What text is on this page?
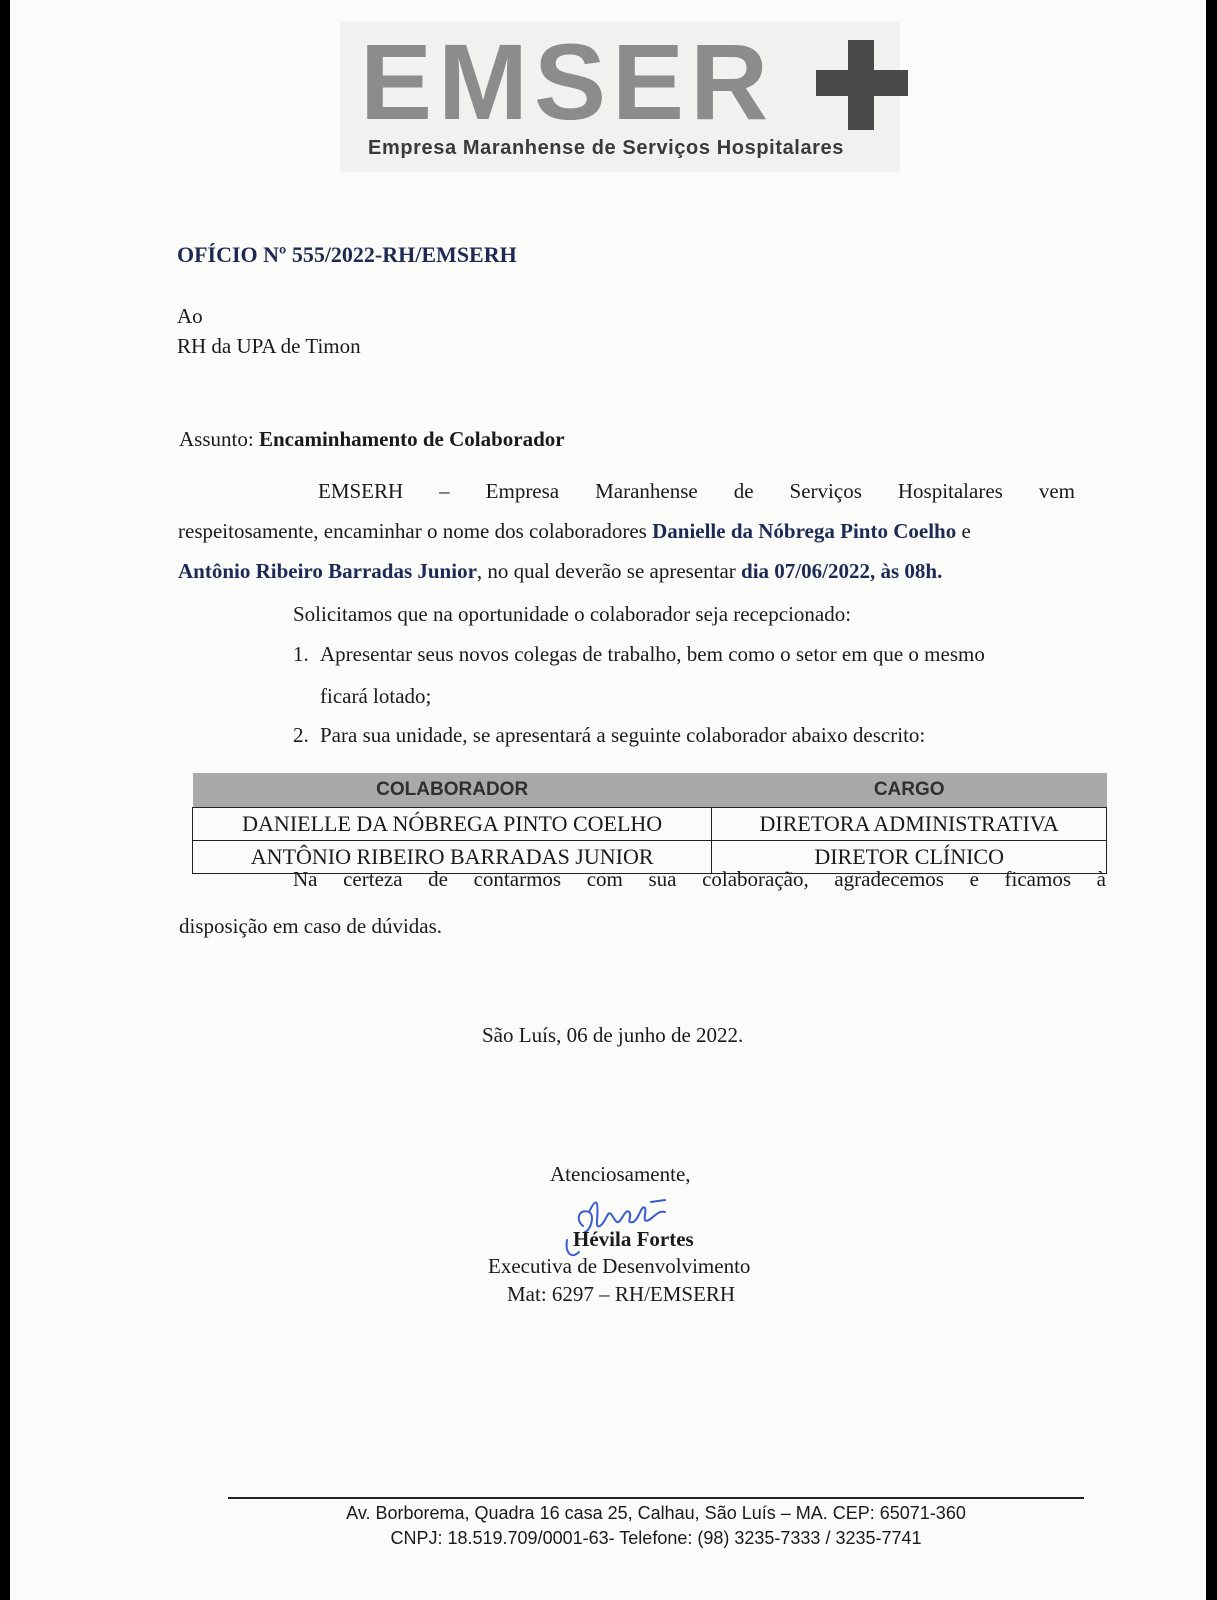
EMSER
Empresa Maranhense de Serviços Hospitalares
OFÍCIO Nº 555/2022-RH/EMSERH
Ao
RH da UPA de Timon
Assunto: Encaminhamento de Colaborador
EMSERH – Empresa Maranhense de Serviços Hospitalares vem
respeitosamente, encaminhar o nome dos colaboradores Danielle da Nóbrega Pinto Coelho e
Antônio Ribeiro Barradas Junior, no qual deverão se apresentar dia 07/06/2022, às 08h.
Solicitamos que na oportunidade o colaborador seja recepcionado:
1. Apresentar seus novos colegas de trabalho, bem como o setor em que o mesmo
ficará lotado;
2. Para sua unidade, se apresentará a seguinte colaborador abaixo descrito:
COLABORADOR	CARGO
DANIELLE DA NÓBREGA PINTO COELHO	DIRETORA ADMINISTRATIVA
ANTÔNIO RIBEIRO BARRADAS JUNIOR	DIRETOR CLÍNICO
Na certeza de contarmos com sua colaboração, agradecemos e ficamos à
disposição em caso de dúvidas.
São Luís, 06 de junho de 2022.
Atenciosamente,
Hévila Fortes
Executiva de Desenvolvimento
Mat: 6297 – RH/EMSERH
Av. Borborema, Quadra 16 casa 25, Calhau, São Luís – MA. CEP: 65071-360
CNPJ: 18.519.709/0001-63- Telefone: (98) 3235-7333 / 3235-7741
